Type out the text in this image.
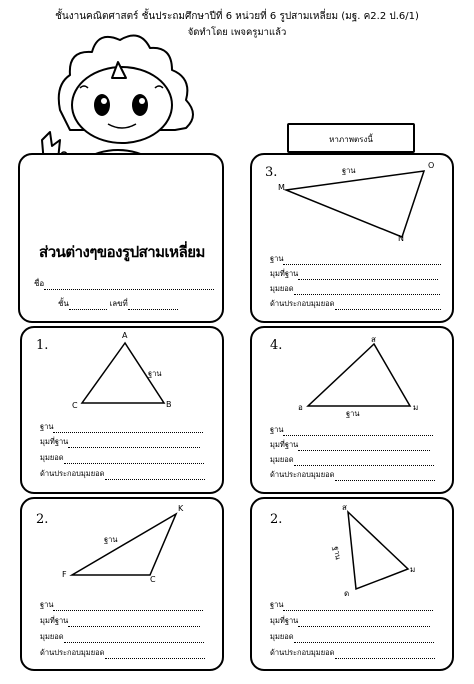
ชั้นงานคณิตศาสตร์ ชั้นประถมศึกษาปีที่ 6 หน่วยที่ 6 รูปสามเหลี่ยม (มฐ. ค2.2 ป.6/1)
จัดทำโดย เพจครูมาแล้ว
ส่วนต่างๆของรูปสามเหลี่ยม
ชื่อ
ชั้น	เลขที่
หาภาพตรงนี้
3.
M
O
N
ฐาน
ฐาน
มุมที่ฐาน
มุมยอด
ด้านประกอบมุมยอด
1.
A
C	B
ฐาน
ฐาน
มุมที่ฐาน
มุมยอด
ด้านประกอบมุมยอด
4.	ส
อ	ม
ฐาน
ฐาน
มุมที่ฐาน
มุมยอด
ด้านประกอบมุมยอด
2.
K
F
C
ฐาน
ฐาน
มุมที่ฐาน
มุมยอด
ด้านประกอบมุมยอด
2.
ส
ม
ด
ฐาน
ฐาน
มุมที่ฐาน
มุมยอด
ด้านประกอบมุมยอด
